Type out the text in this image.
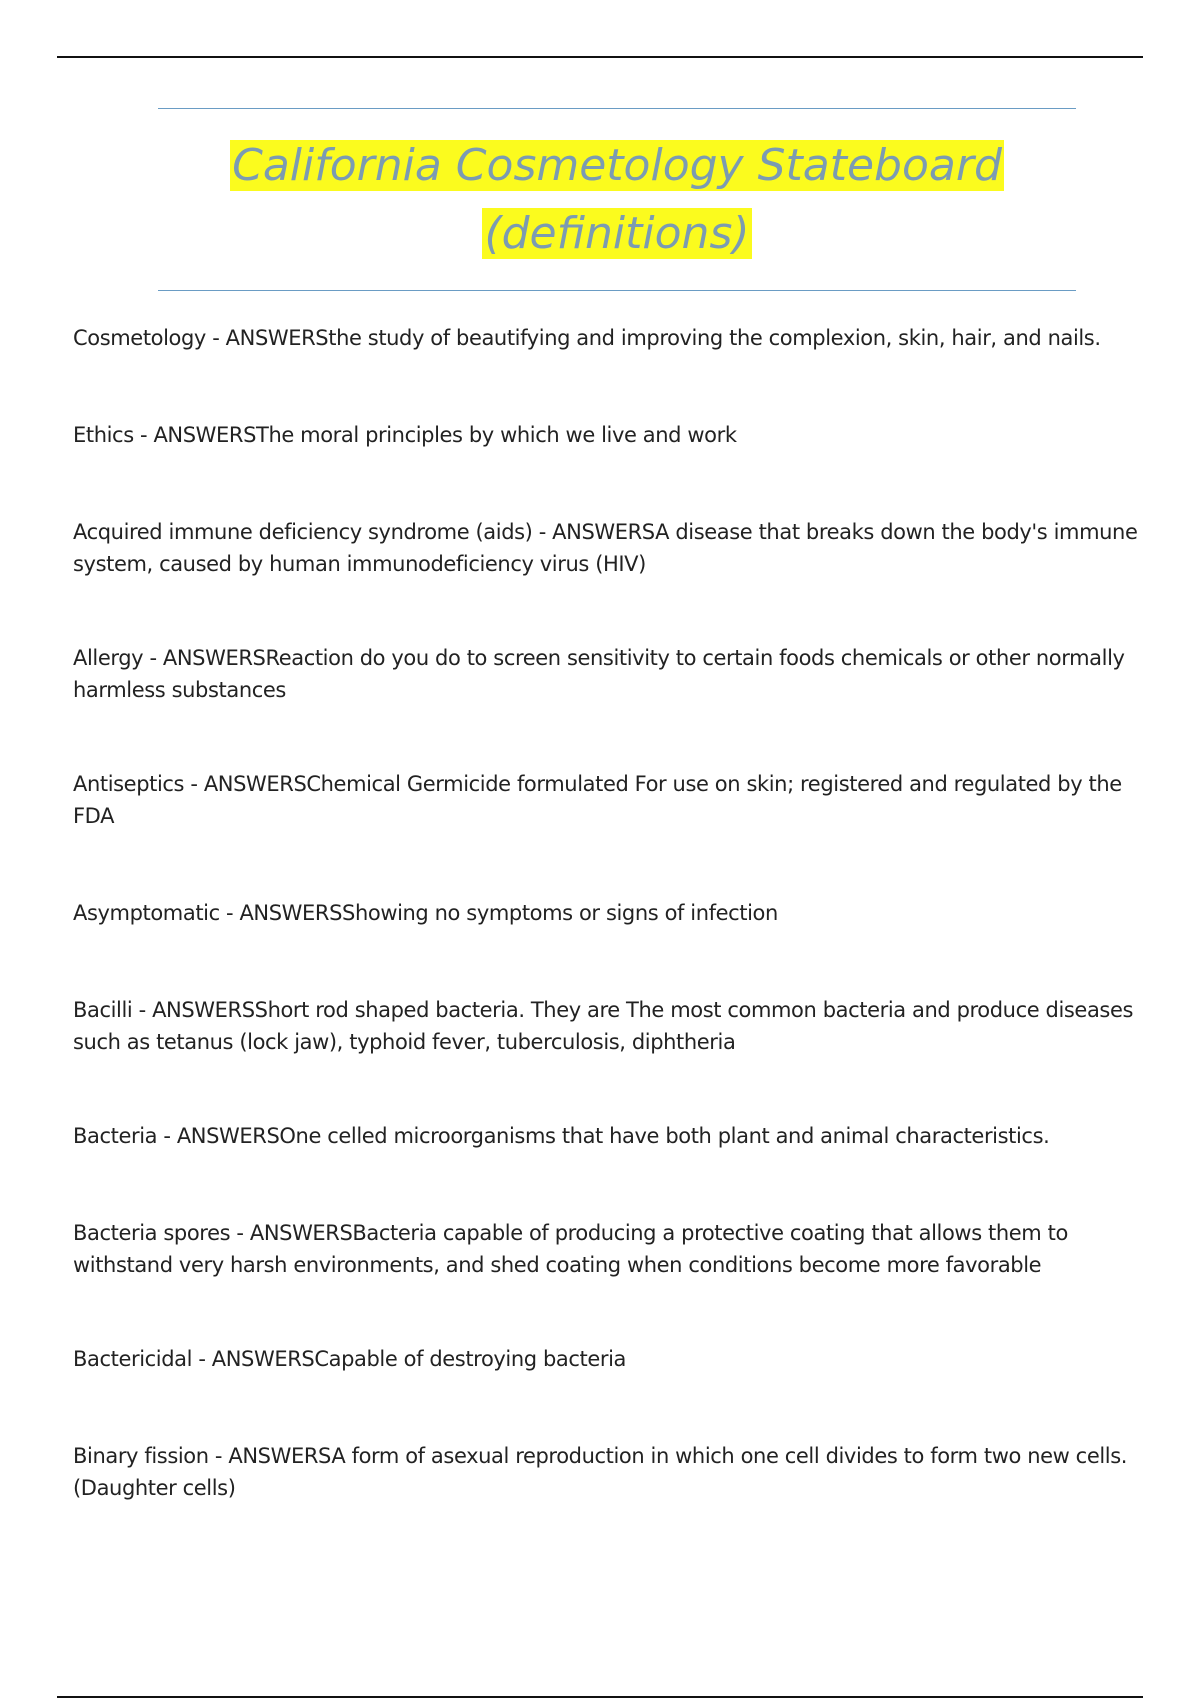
California Cosmetology Stateboard
(definitions)
Cosmetology - ANSWERSthe study of beautifying and improving the complexion, skin, hair, and nails.
Ethics - ANSWERSThe moral principles by which we live and work
Acquired immune deficiency syndrome (aids) - ANSWERSA disease that breaks down the body's immune system, caused by human immunodeficiency virus (HIV)
Allergy - ANSWERSReaction do you do to screen sensitivity to certain foods chemicals or other normally harmless substances
Antiseptics - ANSWERSChemical Germicide formulated For use on skin; registered and regulated by the FDA
Asymptomatic - ANSWERSShowing no symptoms or signs of infection
Bacilli - ANSWERSShort rod shaped bacteria. They are The most common bacteria and produce diseases such as tetanus (lock jaw), typhoid fever, tuberculosis, diphtheria
Bacteria - ANSWERSOne celled microorganisms that have both plant and animal characteristics.
Bacteria spores - ANSWERSBacteria capable of producing a protective coating that allows them to withstand very harsh environments, and shed coating when conditions become more favorable
Bactericidal - ANSWERSCapable of destroying bacteria
Binary fission - ANSWERSA form of asexual reproduction in which one cell divides to form two new cells. (Daughter cells)
